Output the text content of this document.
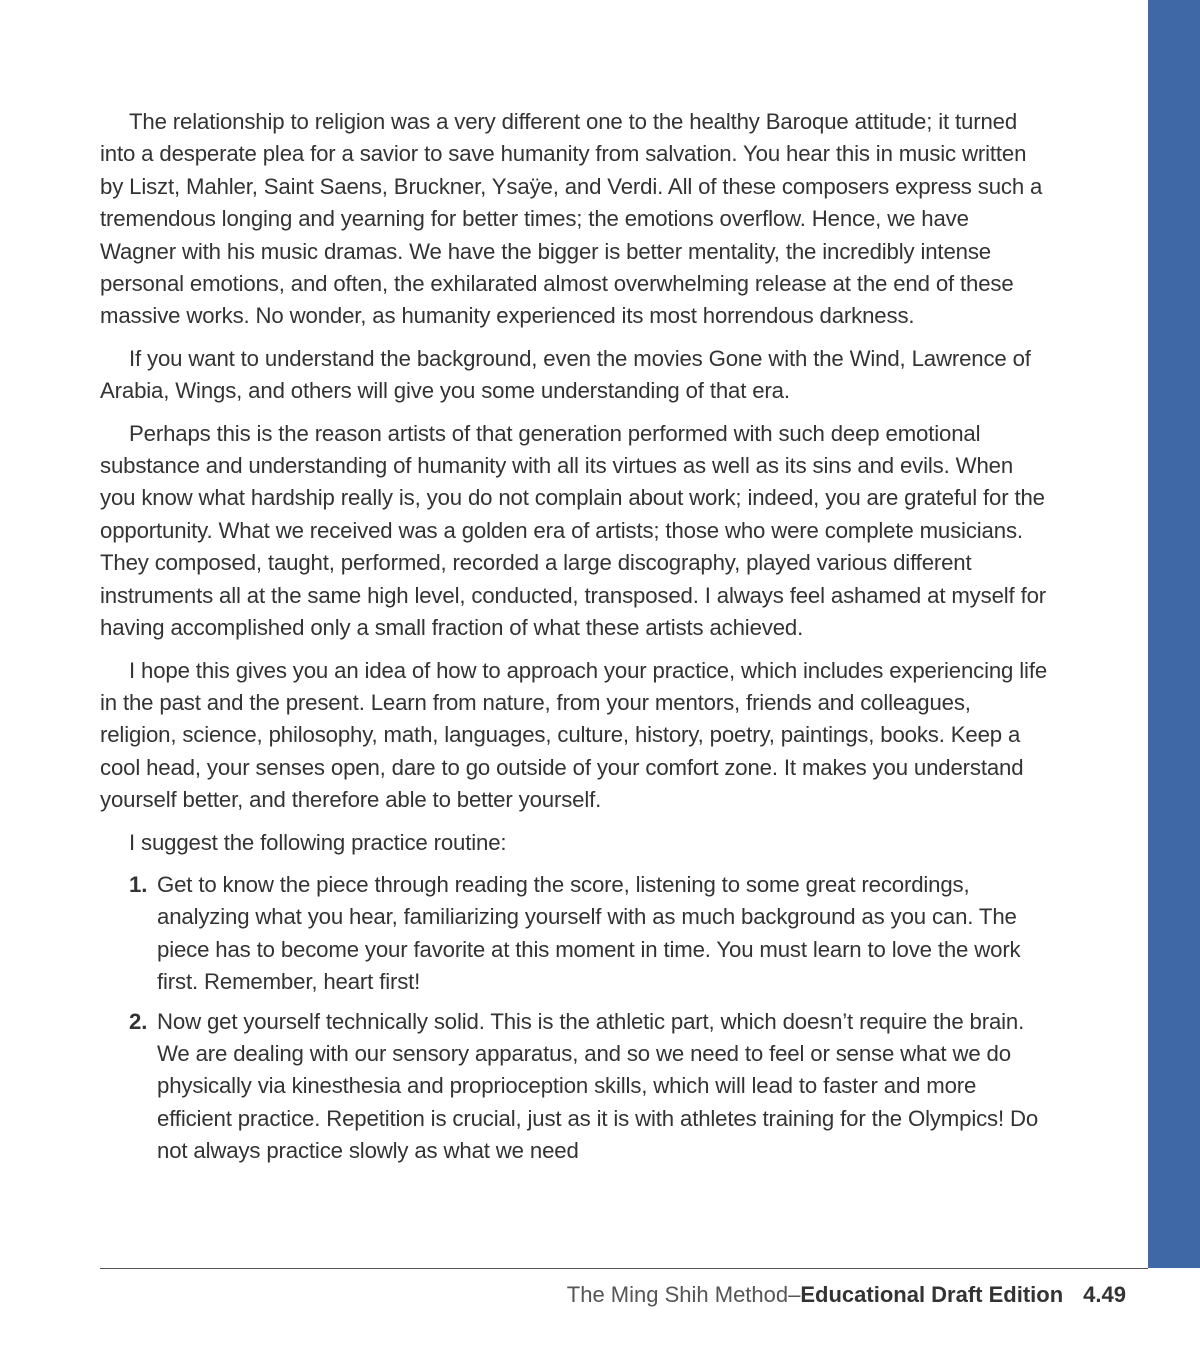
The relationship to religion was a very different one to the healthy Baroque attitude; it turned into a desperate plea for a savior to save humanity from salvation. You hear this in music written by Liszt, Mahler, Saint Saens, Bruckner, Ysaÿe, and Verdi. All of these composers express such a tremendous longing and yearning for better times; the emotions overflow. Hence, we have Wagner with his music dramas. We have the bigger is better mentality, the incredibly intense personal emotions, and often, the exhilarated almost overwhelming release at the end of these massive works. No wonder, as humanity experienced its most horrendous darkness.

If you want to understand the background, even the movies Gone with the Wind, Lawrence of Arabia, Wings, and others will give you some understanding of that era.

Perhaps this is the reason artists of that generation performed with such deep emotional substance and understanding of humanity with all its virtues as well as its sins and evils. When you know what hardship really is, you do not complain about work; indeed, you are grateful for the opportunity. What we received was a golden era of artists; those who were complete musicians. They composed, taught, performed, recorded a large discography, played various different instruments all at the same high level, conducted, transposed. I always feel ashamed at myself for having accomplished only a small fraction of what these artists achieved.

I hope this gives you an idea of how to approach your practice, which includes experiencing life in the past and the present. Learn from nature, from your mentors, friends and colleagues, religion, science, philosophy, math, languages, culture, history, poetry, paintings, books. Keep a cool head, your senses open, dare to go outside of your comfort zone. It makes you understand yourself better, and therefore able to better yourself.

I suggest the following practice routine:

1. Get to know the piece through reading the score, listening to some great recordings, analyzing what you hear, familiarizing yourself with as much background as you can. The piece has to become your favorite at this moment in time. You must learn to love the work first. Remember, heart first!
2. Now get yourself technically solid. This is the athletic part, which doesn’t require the brain. We are dealing with our sensory apparatus, and so we need to feel or sense what we do physically via kinesthesia and proprioception skills, which will lead to faster and more efficient practice. Repetition is crucial, just as it is with athletes training for the Olympics! Do not always practice slowly as what we need
The Ming Shih Method–Educational Draft Edition 4.49
